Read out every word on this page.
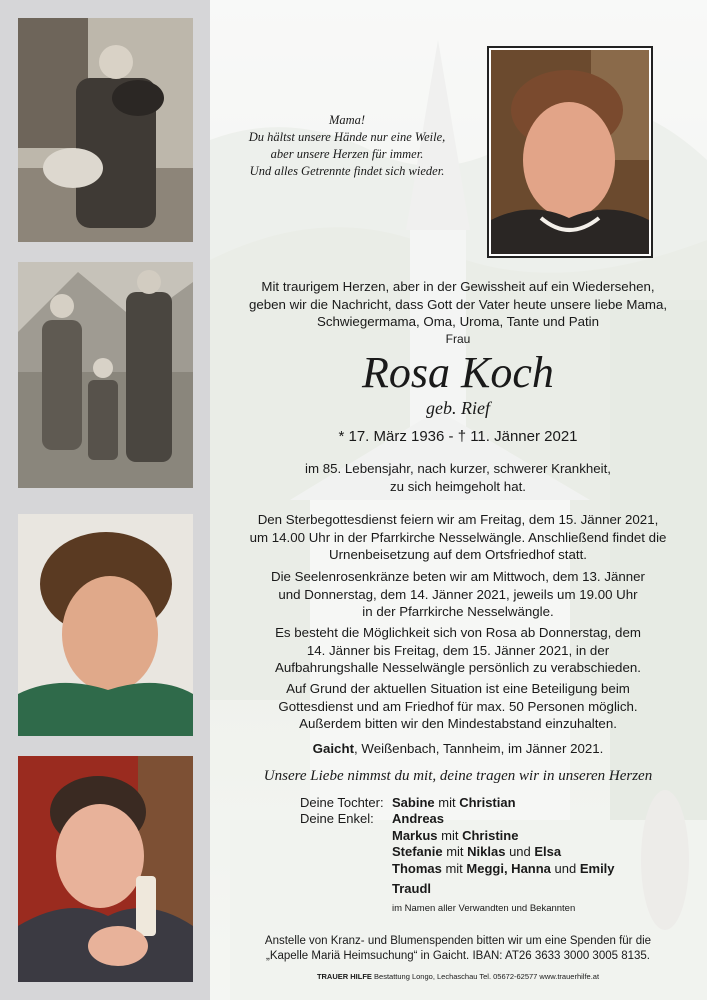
Mama!
Du hältst unsere Hände nur eine Weile,
aber unsere Herzen für immer.
Und alles Getrennte findet sich wieder.

Mit traurigem Herzen, aber in der Gewissheit auf ein Wiedersehen,

geben wir die Nachricht, dass Gott der Vater heute unsere liebe Mama,

Schwiegermama, Oma, Uroma, Tante und Patin

Frau

Rosa Koch
geb. Rief
* 17. März 1936 - † 11. Jänner 2021

im 85. Lebensjahr, nach kurzer, schwerer Krankheit,

zu sich heimgeholt hat.

Den Sterbegottesdienst feiern wir am Freitag, dem 15. Jänner 2021,

um 14.00 Uhr in der Pfarrkirche Nesselwängle. Anschließend findet die

Urnenbeisetzung auf dem Ortsfriedhof statt.

Die Seelenrosenkränze beten wir am Mittwoch, dem 13. Jänner

und Donnerstag, dem 14. Jänner 2021, jeweils um 19.00 Uhr

in der Pfarrkirche Nesselwängle.

Es besteht die Möglichkeit sich von Rosa ab Donnerstag, dem

14. Jänner bis Freitag, dem 15. Jänner 2021, in der

Aufbahrungshalle Nesselwängle persönlich zu verabschieden.

Auf Grund der aktuellen Situation ist eine Beteiligung beim

Gottesdienst und am Friedhof für max. 50 Personen möglich.

Außerdem bitten wir den Mindestabstand einzuhalten.

Gaicht, Weißenbach, Tannheim, im Jänner 2021.

Unsere Liebe nimmst du mit, deine tragen wir in unseren Herzen
Deine Tochter: Sabine mit Christian
Deine Enkel: Andreas
Markus mit Christine
Stefanie mit Niklas und Elsa
Thomas mit Meggi, Hanna und Emily
Traudl
im Namen aller Verwandten und Bekannten
Anstelle von Kranz- und Blumenspenden bitten wir um eine Spenden für die
„Kapelle Mariä Heimsuchung“ in Gaicht. IBAN: AT26 3633 3000 3005 8135.
TRAUER HILFE Bestattung Longo, Lechaschau Tel. 05672-62577 www.trauerhilfe.at
